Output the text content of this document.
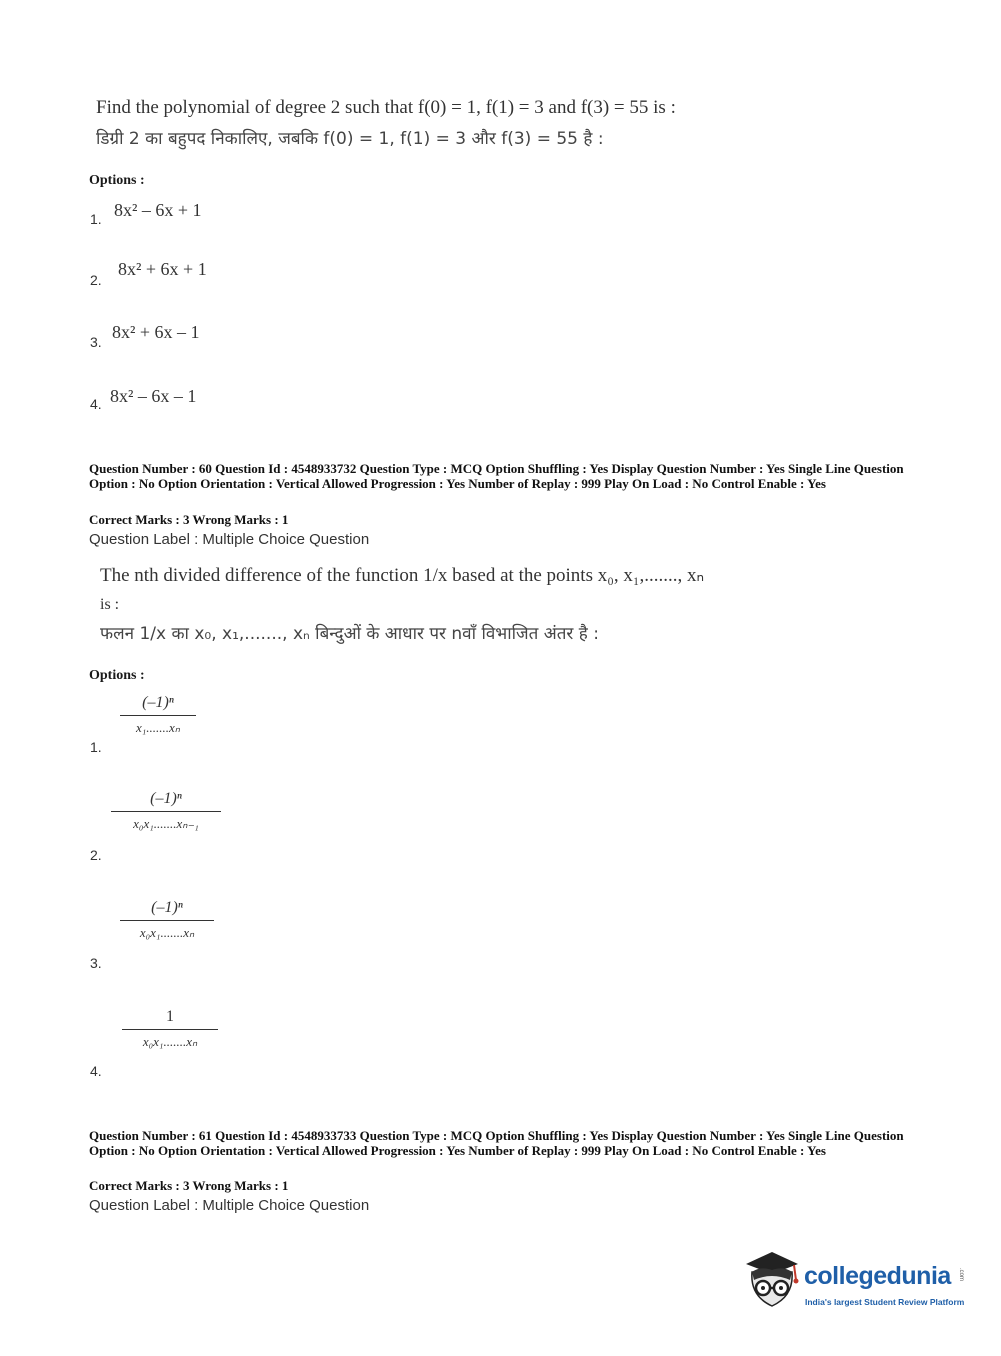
Find the polynomial of degree 2 such that f(0) = 1, f(1) = 3 and f(3) = 55 is :
डिग्री 2 का बहुपद निकालिए, जबकि f(0) = 1, f(1) = 3 और f(3) = 55 है :
Options :
1. 8x² – 6x + 1
2.
8x² + 6x + 1
3. 8x² + 6x – 1
4. 8x² – 6x – 1
Question Number : 60 Question Id : 4548933732 Question Type : MCQ Option Shuffling : Yes Display Question Number : Yes Single Line Question Option : No Option Orientation : Vertical Allowed Progression : Yes Number of Replay : 999 Play On Load : No Control Enable : Yes
Correct Marks : 3 Wrong Marks : 1
Question Label : Multiple Choice Question
The nth divided difference of the function 1/x based at the points x₀, x₁,......., xₙ
is :
फलन 1/x का x₀, x₁,......., xₙ बिन्दुओं के आधार पर nवाँ विभाजित अंतर है :
Options :
(–1)ⁿ
x₁.......xₙ
1.
(–1)ⁿ
x₀x₁.......xₙ₋₁
2.
(–1)ⁿ
x₀x₁.......xₙ
3.
1
x₀x₁.......xₙ
4.
Question Number : 61 Question Id : 4548933733 Question Type : MCQ Option Shuffling : Yes Display Question Number : Yes Single Line Question Option : No Option Orientation : Vertical Allowed Progression : Yes Number of Replay : 999 Play On Load : No Control Enable : Yes
Correct Marks : 3 Wrong Marks : 1
Question Label : Multiple Choice Question
collegedunia .com
India's largest Student Review Platform
